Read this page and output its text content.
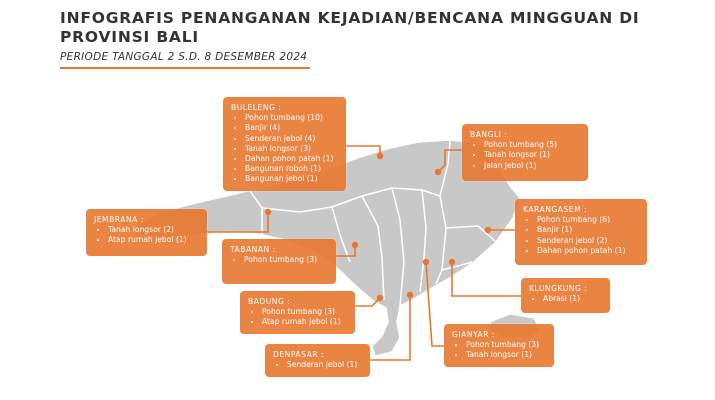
INFOGRAFIS PENANGANAN KEJADIAN/BENCANA MINGGUAN DI PROVINSI BALI
PERIODE TANGGAL 2 S.D. 8 DESEMBER 2024
BULELENG :
• Pohon tumbang (10)
• Banjir (4)
• Senderan jebol (4)
• Tanah longsor (3)
• Dahan pohon patah (1)
• Bangunan roboh (1)
• Bangunan jebol (1)
BANGLI :
• Pohon tumbang (5)
• Tanah longsor (1)
• Jalan jebol (1)
JEMBRANA :
• Tanah longsor (2)
• Atap rumah jebol (1)
KARANGASEM :
• Pohon tumbang (6)
• Banjir (1)
• Senderan jebol (2)
• Dahan pohon patah (1)
TABANAN :
• Pohon tumbang (3)
KLUNGKUNG :
• Abrasi (1)
BADUNG :
• Pohon tumbang (3)
• Atap rumah jebol (1)
GIANYAR :
• Pohon tumbang (3)
• Tanah longsor (1)
DENPASAR :
• Senderan jebol (1)
